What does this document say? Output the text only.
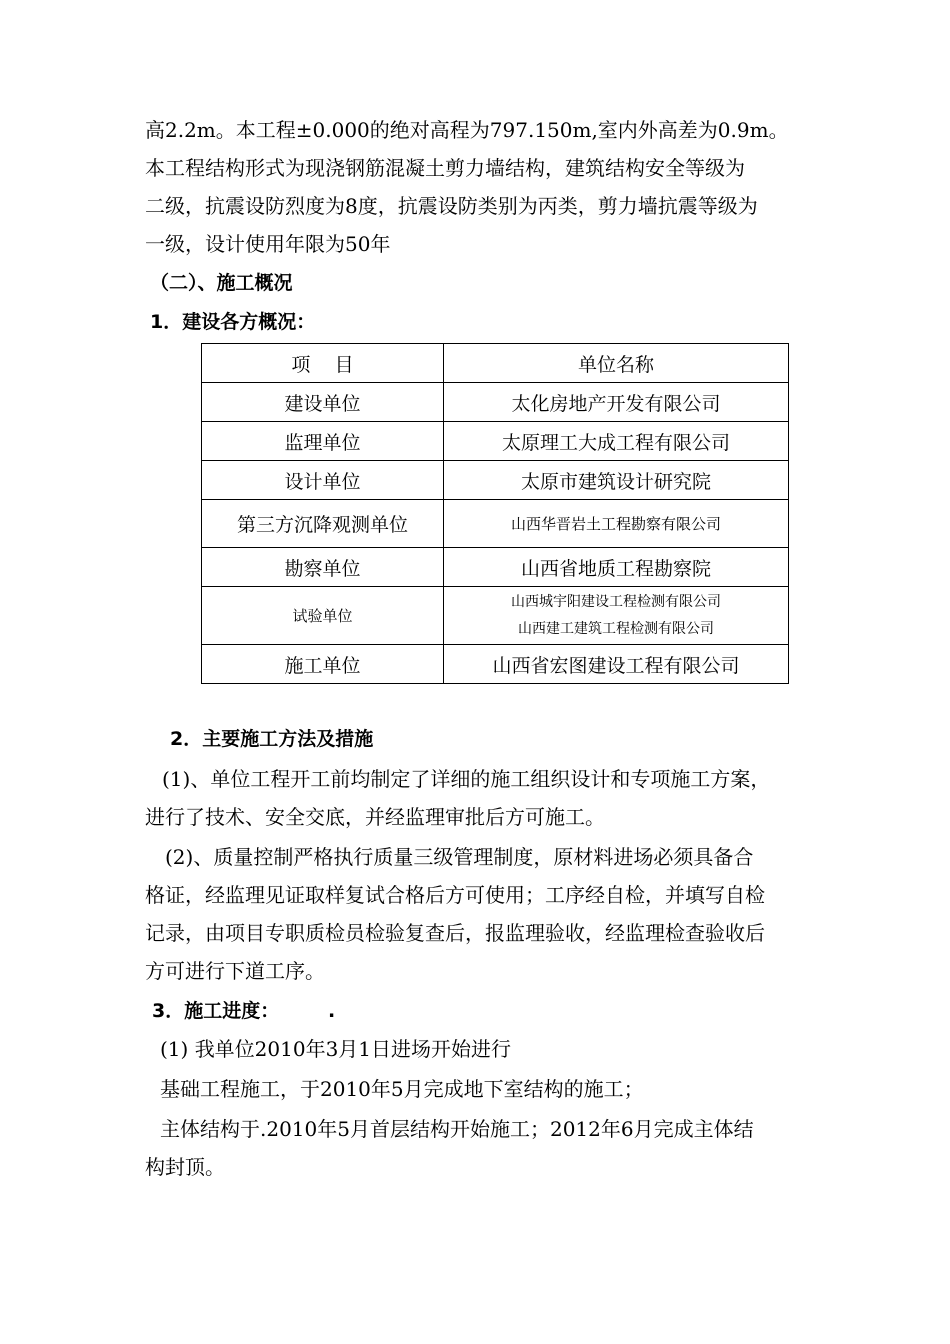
高2.2m。本工程±0.000的绝对高程为797.150m,室内外高差为0.9m。
本工程结构形式为现浇钢筋混凝土剪力墙结构，建筑结构安全等级为
二级，抗震设防烈度为8度，抗震设防类别为丙类，剪力墙抗震等级为
一级，设计使用年限为50年
（二）、施工概况
1．建设各方概况：
项    目	单位名称
建设单位	太化房地产开发有限公司
监理单位	太原理工大成工程有限公司
设计单位	太原市建筑设计研究院
第三方沉降观测单位	山西华晋岩土工程勘察有限公司
勘察单位	山西省地质工程勘察院
试验单位	山西城宇阳建设工程检测有限公司
山西建工建筑工程检测有限公司

施工单位	山西省宏图建设工程有限公司
2．主要施工方法及措施
(1)、单位工程开工前均制定了详细的施工组织设计和专项施工方案，
进行了技术、安全交底，并经监理审批后方可施工。
(2)、质量控制严格执行质量三级管理制度，原材料进场必须具备合
格证，经监理见证取样复试合格后方可使用；工序经自检，并填写自检
记录，由项目专职质检员检验复查后，报监理验收，经监理检查验收后
方可进行下道工序。
3．施工进度：	.
(1) 我单位2010年3月1日进场开始进行
基础工程施工，于2010年5月完成地下室结构的施工；
主体结构于.2010年5月首层结构开始施工；2012年6月完成主体结
构封顶。
